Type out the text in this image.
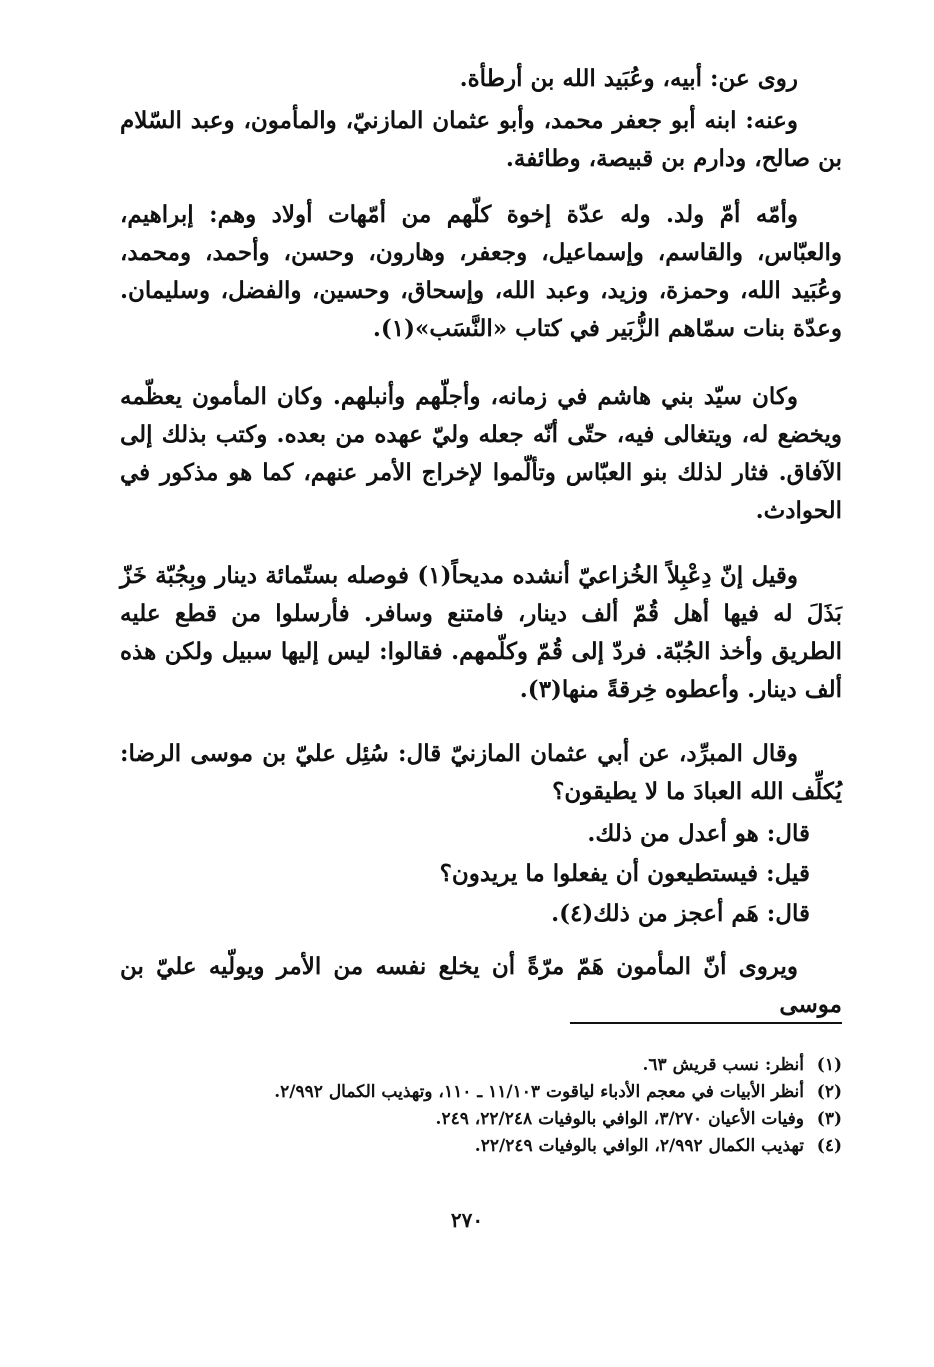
روى عن: أبيه، وعُبَيد الله بن أرطأة.

وعنه: ابنه أبو جعفر محمد، وأبو عثمان المازنيّ، والمأمون، وعبد السّلام بن صالح، ودارم بن قبيصة، وطائفة.

وأمّه أمّ ولد. وله عدّة إخوة كلّهم من أمّهات أولاد وهم: إبراهيم، والعبّاس، والقاسم، وإسماعيل، وجعفر، وهارون، وحسن، وأحمد، ومحمد، وعُبَيد الله، وحمزة، وزيد، وعبد الله، وإسحاق، وحسين، والفضل، وسليمان. وعدّة بنات سمّاهم الزُّبَير في كتاب «النَّسَب»(١).

وكان سيّد بني هاشم في زمانه، وأجلّهم وأنبلهم. وكان المأمون يعظّمه ويخضع له، ويتغالى فيه، حتّى أنّه جعله وليّ عهده من بعده. وكتب بذلك إلى الآفاق. فثار لذلك بنو العبّاس وتألّموا لإخراج الأمر عنهم، كما هو مذكور في الحوادث.

وقيل إنّ دِعْبِلاً الخُزاعيّ أنشده مديحاً(١) فوصله بستّمائة دينار وبِجُبّة خَزّ بَذَلَ له فيها أهل قُمّ ألف دينار، فامتنع وسافر. فأرسلوا من قطع عليه الطريق وأخذ الجُبّة. فردّ إلى قُمّ وكلّمهم. فقالوا: ليس إليها سبيل ولكن هذه ألف دينار. وأعطوه خِرقةً منها(٣).

وقال المبرِّد، عن أبي عثمان المازنيّ قال: سُئِل عليّ بن موسى الرضا: يُكلِّف الله العبادَ ما لا يطيقون؟

قال: هو أعدل من ذلك.
قيل: فيستطيعون أن يفعلوا ما يريدون؟
قال: هَم أعجز من ذلك(٤).

ويروى أنّ المأمون هَمّ مرّةً أن يخلع نفسه من الأمر ويولّيه عليّ بن موسى

(١)
أنظر: نسب قريش ٦٣.
(٢)
أنظر الأبيات في معجم الأدباء لياقوت ١١/١٠٣ ـ ١١٠، وتهذيب الكمال ٢/٩٩٢.
(٣)
وفيات الأعيان ٣/٢٧٠، الوافي بالوفيات ٢٢/٢٤٨، ٢٤٩.
(٤)
تهذيب الكمال ٢/٩٩٢، الوافي بالوفيات ٢٢/٢٤٩.
٢٧٠
